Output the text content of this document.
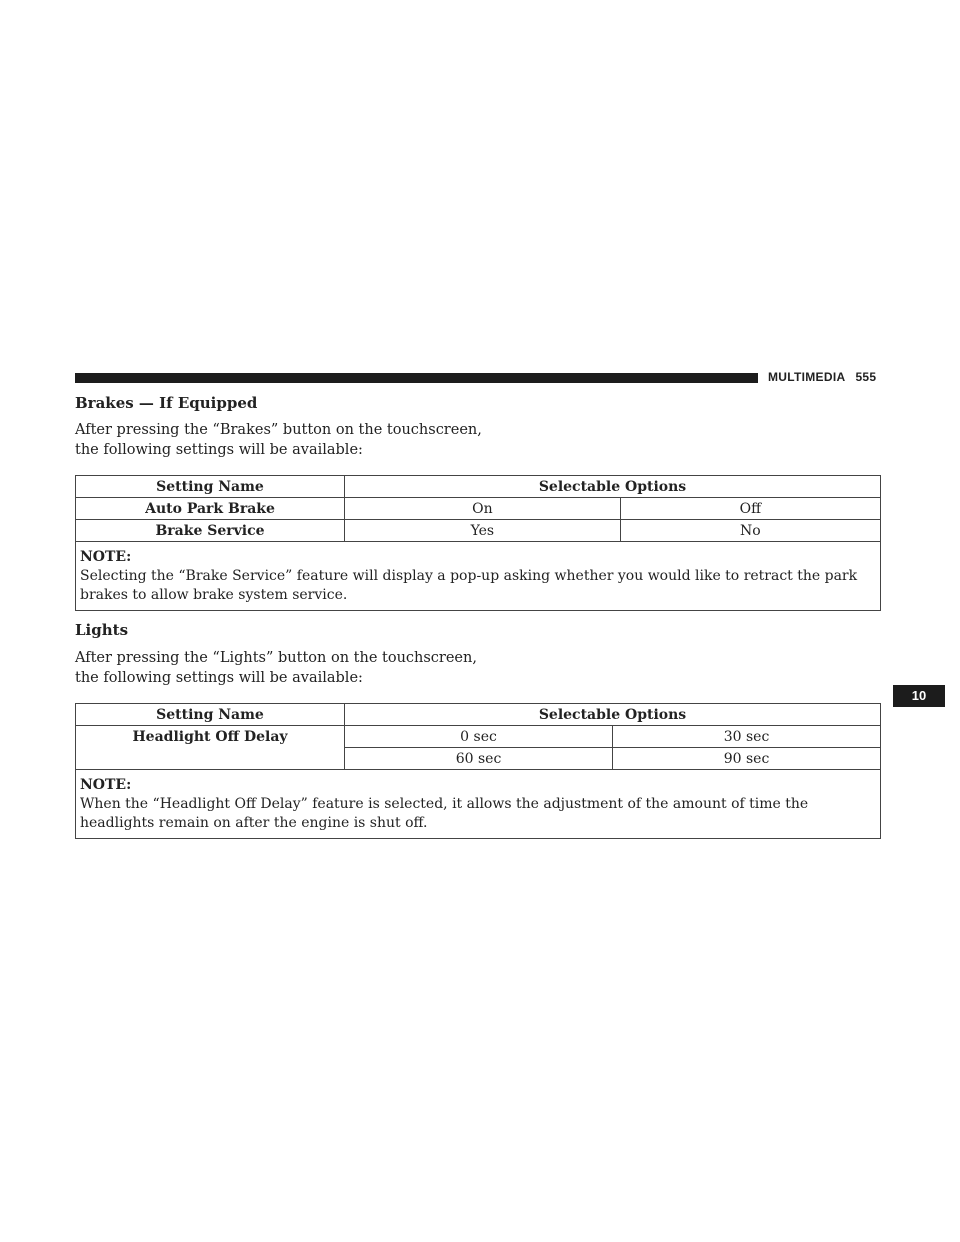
MULTIMEDIA 555
10
Brakes — If Equipped
After pressing the “Brakes” button on the touchscreen, the following settings will be available:
Setting Name	Selectable Options	
Auto Park Brake	On	Off
Brake Service	Yes	No

NOTE:
Selecting the “Brake Service” feature will display a pop-up asking whether you would like to retract the park brakes to allow brake system service.		
Lights
After pressing the “Lights” button on the touchscreen, the following settings will be available:
Setting Name	Selectable Options	
Headlight Off Delay	0 sec	30 sec
	60 sec	90 sec

NOTE:
When the “Headlight Off Delay” feature is selected, it allows the adjustment of the amount of time the headlights remain on after the engine is shut off.		
